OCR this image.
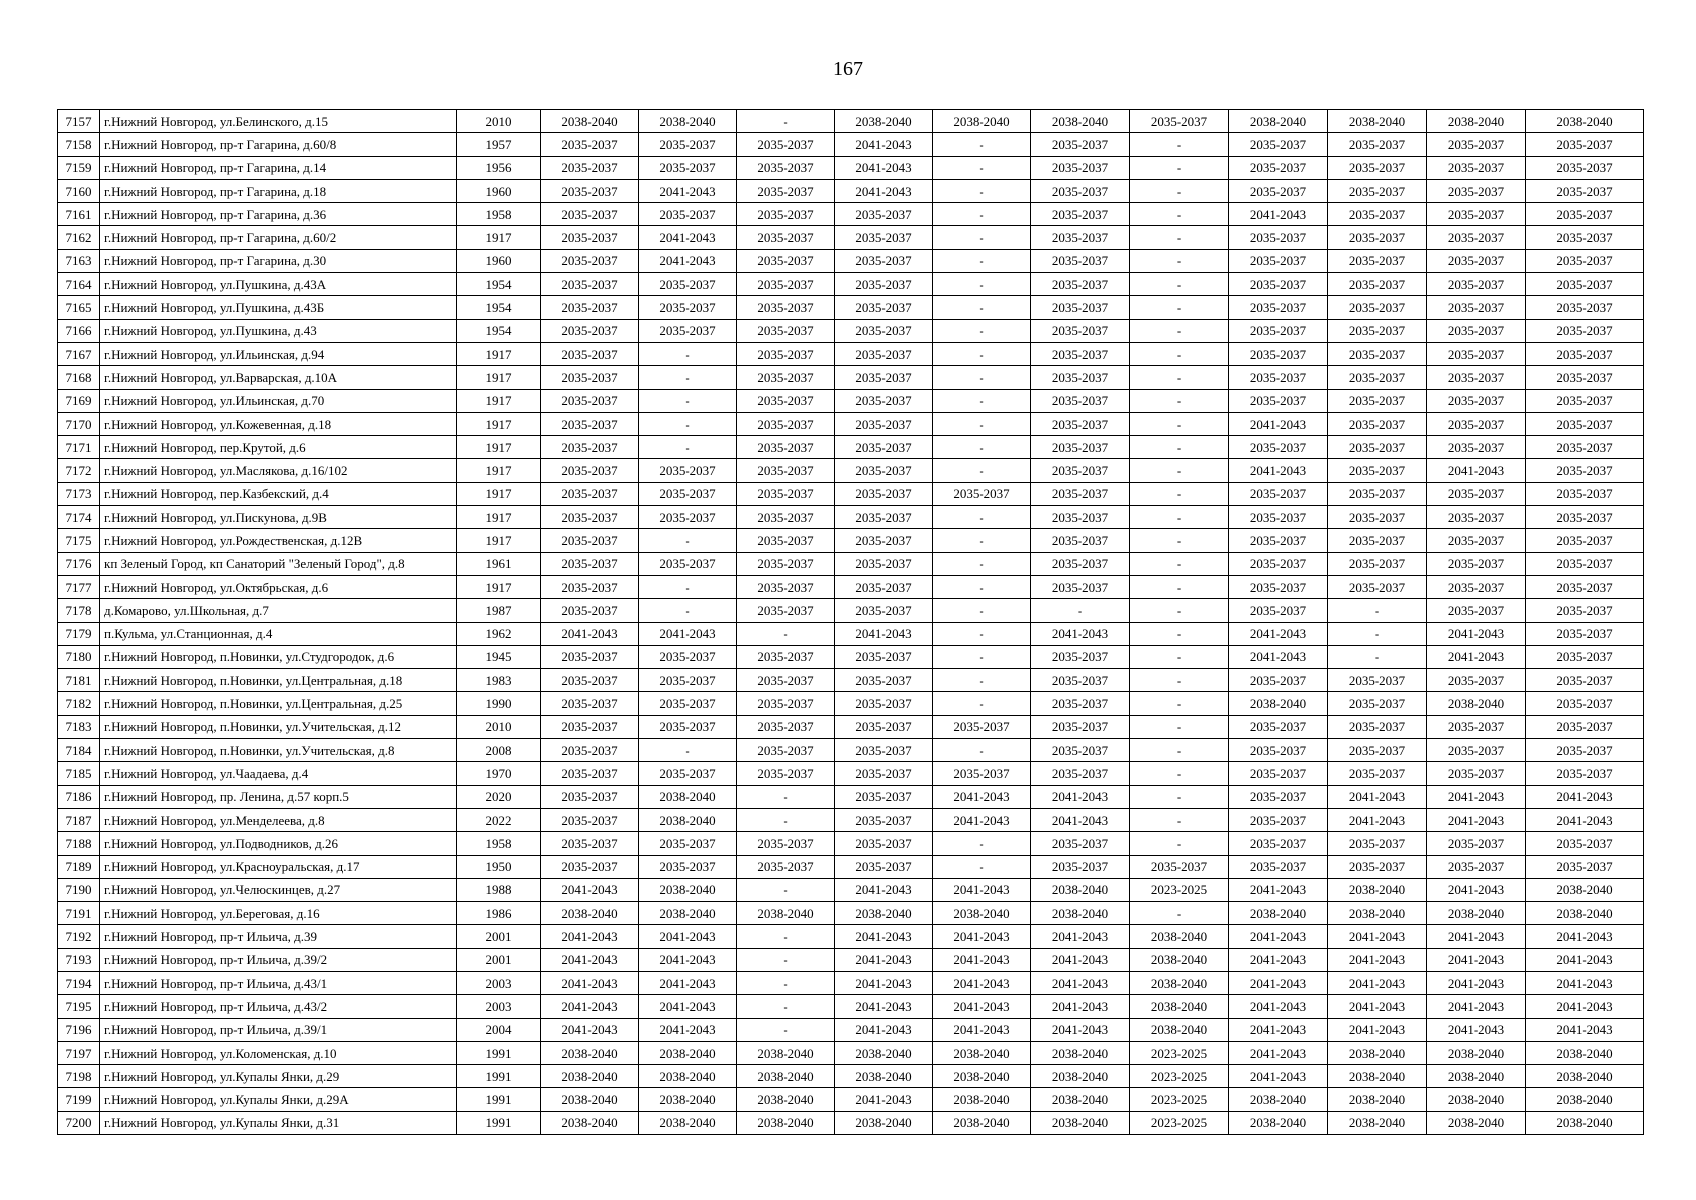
167
7157	г.Нижний Новгород, ул.Белинского, д.15	2010	2038-2040	2038-2040	-	2038-2040	2038-2040	2038-2040	2035-2037	2038-2040	2038-2040	2038-2040	2038-2040
7158	г.Нижний Новгород, пр-т Гагарина, д.60/8	1957	2035-2037	2035-2037	2035-2037	2041-2043	-	2035-2037	-	2035-2037	2035-2037	2035-2037	2035-2037
7159	г.Нижний Новгород, пр-т Гагарина, д.14	1956	2035-2037	2035-2037	2035-2037	2041-2043	-	2035-2037	-	2035-2037	2035-2037	2035-2037	2035-2037
7160	г.Нижний Новгород, пр-т Гагарина, д.18	1960	2035-2037	2041-2043	2035-2037	2041-2043	-	2035-2037	-	2035-2037	2035-2037	2035-2037	2035-2037
7161	г.Нижний Новгород, пр-т Гагарина, д.36	1958	2035-2037	2035-2037	2035-2037	2035-2037	-	2035-2037	-	2041-2043	2035-2037	2035-2037	2035-2037
7162	г.Нижний Новгород, пр-т Гагарина, д.60/2	1917	2035-2037	2041-2043	2035-2037	2035-2037	-	2035-2037	-	2035-2037	2035-2037	2035-2037	2035-2037
7163	г.Нижний Новгород, пр-т Гагарина, д.30	1960	2035-2037	2041-2043	2035-2037	2035-2037	-	2035-2037	-	2035-2037	2035-2037	2035-2037	2035-2037
7164	г.Нижний Новгород, ул.Пушкина, д.43А	1954	2035-2037	2035-2037	2035-2037	2035-2037	-	2035-2037	-	2035-2037	2035-2037	2035-2037	2035-2037
7165	г.Нижний Новгород, ул.Пушкина, д.43Б	1954	2035-2037	2035-2037	2035-2037	2035-2037	-	2035-2037	-	2035-2037	2035-2037	2035-2037	2035-2037
7166	г.Нижний Новгород, ул.Пушкина, д.43	1954	2035-2037	2035-2037	2035-2037	2035-2037	-	2035-2037	-	2035-2037	2035-2037	2035-2037	2035-2037
7167	г.Нижний Новгород, ул.Ильинская, д.94	1917	2035-2037	-	2035-2037	2035-2037	-	2035-2037	-	2035-2037	2035-2037	2035-2037	2035-2037
7168	г.Нижний Новгород, ул.Варварская, д.10А	1917	2035-2037	-	2035-2037	2035-2037	-	2035-2037	-	2035-2037	2035-2037	2035-2037	2035-2037
7169	г.Нижний Новгород, ул.Ильинская, д.70	1917	2035-2037	-	2035-2037	2035-2037	-	2035-2037	-	2035-2037	2035-2037	2035-2037	2035-2037
7170	г.Нижний Новгород, ул.Кожевенная, д.18	1917	2035-2037	-	2035-2037	2035-2037	-	2035-2037	-	2041-2043	2035-2037	2035-2037	2035-2037
7171	г.Нижний Новгород, пер.Крутой, д.6	1917	2035-2037	-	2035-2037	2035-2037	-	2035-2037	-	2035-2037	2035-2037	2035-2037	2035-2037
7172	г.Нижний Новгород, ул.Маслякова, д.16/102	1917	2035-2037	2035-2037	2035-2037	2035-2037	-	2035-2037	-	2041-2043	2035-2037	2041-2043	2035-2037
7173	г.Нижний Новгород, пер.Казбекский, д.4	1917	2035-2037	2035-2037	2035-2037	2035-2037	2035-2037	2035-2037	-	2035-2037	2035-2037	2035-2037	2035-2037
7174	г.Нижний Новгород, ул.Пискунова, д.9В	1917	2035-2037	2035-2037	2035-2037	2035-2037	-	2035-2037	-	2035-2037	2035-2037	2035-2037	2035-2037
7175	г.Нижний Новгород, ул.Рождественская, д.12В	1917	2035-2037	-	2035-2037	2035-2037	-	2035-2037	-	2035-2037	2035-2037	2035-2037	2035-2037
7176	кп Зеленый Город, кп Санаторий "Зеленый Город", д.8	1961	2035-2037	2035-2037	2035-2037	2035-2037	-	2035-2037	-	2035-2037	2035-2037	2035-2037	2035-2037
7177	г.Нижний Новгород, ул.Октябрьская, д.6	1917	2035-2037	-	2035-2037	2035-2037	-	2035-2037	-	2035-2037	2035-2037	2035-2037	2035-2037
7178	д.Комарово, ул.Школьная, д.7	1987	2035-2037	-	2035-2037	2035-2037	-	-	-	2035-2037	-	2035-2037	2035-2037
7179	п.Кульма, ул.Станционная, д.4	1962	2041-2043	2041-2043	-	2041-2043	-	2041-2043	-	2041-2043	-	2041-2043	2035-2037
7180	г.Нижний Новгород, п.Новинки, ул.Студгородок, д.6	1945	2035-2037	2035-2037	2035-2037	2035-2037	-	2035-2037	-	2041-2043	-	2041-2043	2035-2037
7181	г.Нижний Новгород, п.Новинки, ул.Центральная, д.18	1983	2035-2037	2035-2037	2035-2037	2035-2037	-	2035-2037	-	2035-2037	2035-2037	2035-2037	2035-2037
7182	г.Нижний Новгород, п.Новинки, ул.Центральная, д.25	1990	2035-2037	2035-2037	2035-2037	2035-2037	-	2035-2037	-	2038-2040	2035-2037	2038-2040	2035-2037
7183	г.Нижний Новгород, п.Новинки, ул.Учительская, д.12	2010	2035-2037	2035-2037	2035-2037	2035-2037	2035-2037	2035-2037	-	2035-2037	2035-2037	2035-2037	2035-2037
7184	г.Нижний Новгород, п.Новинки, ул.Учительская, д.8	2008	2035-2037	-	2035-2037	2035-2037	-	2035-2037	-	2035-2037	2035-2037	2035-2037	2035-2037
7185	г.Нижний Новгород, ул.Чаадаева, д.4	1970	2035-2037	2035-2037	2035-2037	2035-2037	2035-2037	2035-2037	-	2035-2037	2035-2037	2035-2037	2035-2037
7186	г.Нижний Новгород, пр. Ленина, д.57 корп.5	2020	2035-2037	2038-2040	-	2035-2037	2041-2043	2041-2043	-	2035-2037	2041-2043	2041-2043	2041-2043
7187	г.Нижний Новгород, ул.Менделеева, д.8	2022	2035-2037	2038-2040	-	2035-2037	2041-2043	2041-2043	-	2035-2037	2041-2043	2041-2043	2041-2043
7188	г.Нижний Новгород, ул.Подводников, д.26	1958	2035-2037	2035-2037	2035-2037	2035-2037	-	2035-2037	-	2035-2037	2035-2037	2035-2037	2035-2037
7189	г.Нижний Новгород, ул.Красноуральская, д.17	1950	2035-2037	2035-2037	2035-2037	2035-2037	-	2035-2037	2035-2037	2035-2037	2035-2037	2035-2037	2035-2037
7190	г.Нижний Новгород, ул.Челюскинцев, д.27	1988	2041-2043	2038-2040	-	2041-2043	2041-2043	2038-2040	2023-2025	2041-2043	2038-2040	2041-2043	2038-2040
7191	г.Нижний Новгород, ул.Береговая, д.16	1986	2038-2040	2038-2040	2038-2040	2038-2040	2038-2040	2038-2040	-	2038-2040	2038-2040	2038-2040	2038-2040
7192	г.Нижний Новгород, пр-т Ильича, д.39	2001	2041-2043	2041-2043	-	2041-2043	2041-2043	2041-2043	2038-2040	2041-2043	2041-2043	2041-2043	2041-2043
7193	г.Нижний Новгород, пр-т Ильича, д.39/2	2001	2041-2043	2041-2043	-	2041-2043	2041-2043	2041-2043	2038-2040	2041-2043	2041-2043	2041-2043	2041-2043
7194	г.Нижний Новгород, пр-т Ильича, д.43/1	2003	2041-2043	2041-2043	-	2041-2043	2041-2043	2041-2043	2038-2040	2041-2043	2041-2043	2041-2043	2041-2043
7195	г.Нижний Новгород, пр-т Ильича, д.43/2	2003	2041-2043	2041-2043	-	2041-2043	2041-2043	2041-2043	2038-2040	2041-2043	2041-2043	2041-2043	2041-2043
7196	г.Нижний Новгород, пр-т Ильича, д.39/1	2004	2041-2043	2041-2043	-	2041-2043	2041-2043	2041-2043	2038-2040	2041-2043	2041-2043	2041-2043	2041-2043
7197	г.Нижний Новгород, ул.Коломенская, д.10	1991	2038-2040	2038-2040	2038-2040	2038-2040	2038-2040	2038-2040	2023-2025	2041-2043	2038-2040	2038-2040	2038-2040
7198	г.Нижний Новгород, ул.Купалы Янки, д.29	1991	2038-2040	2038-2040	2038-2040	2038-2040	2038-2040	2038-2040	2023-2025	2041-2043	2038-2040	2038-2040	2038-2040
7199	г.Нижний Новгород, ул.Купалы Янки, д.29А	1991	2038-2040	2038-2040	2038-2040	2041-2043	2038-2040	2038-2040	2023-2025	2038-2040	2038-2040	2038-2040	2038-2040
7200	г.Нижний Новгород, ул.Купалы Янки, д.31	1991	2038-2040	2038-2040	2038-2040	2038-2040	2038-2040	2038-2040	2023-2025	2038-2040	2038-2040	2038-2040	2038-2040
